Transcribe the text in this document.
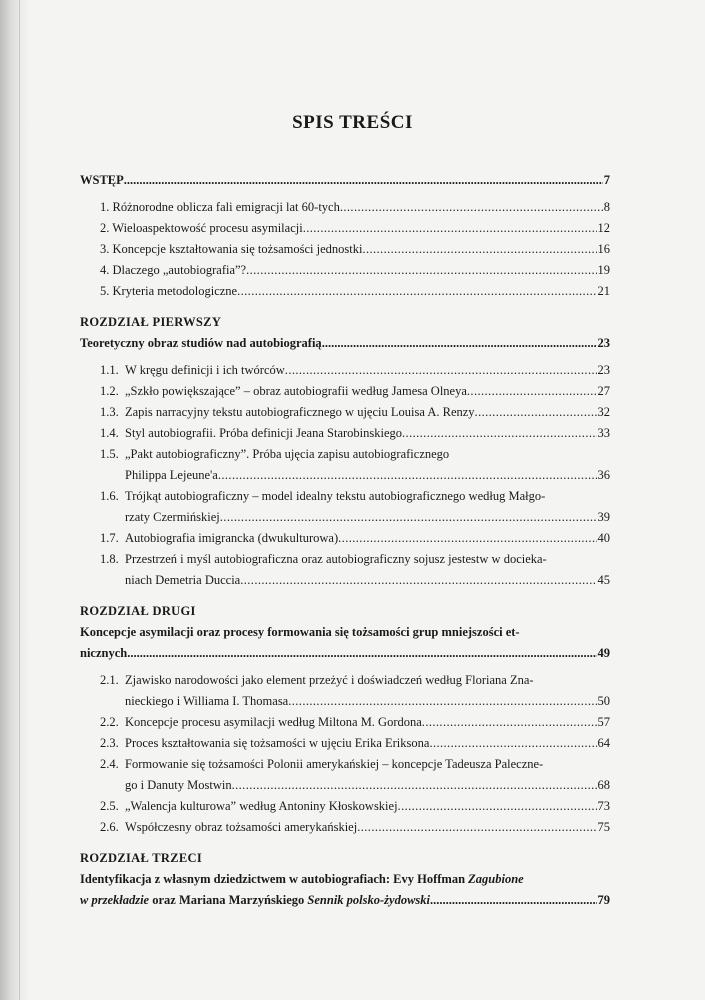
SPIS TREŚCI
WSTĘP .....	7
1. Różnorodne oblicza fali emigracji lat 60-tych .....	8
2. Wieloaspektowość procesu asymilacji .....	12
3. Koncepcje kształtowania się tożsamości jednostki .....	16
4. Dlaczego „autobiografia”? .....	19
5. Kryteria metodologiczne .....	21
ROZDZIAŁ PIERWSZY
Teoretyczny obraz studiów nad autobiografią .....	23
1.1. W kręgu definicji i ich twórców .....	23
1.2. „Szkło powiększające” – obraz autobiografii według Jamesa Olneya .....	27
1.3. Zapis narracyjny tekstu autobiograficznego w ujęciu Louisa A. Renzy .....	32
1.4. Styl autobiografii. Próba definicji Jeana Starobinskiego .....	33
1.5. „Pakt autobiograficzny”. Próba ujęcia zapisu autobiograficznego
Philippa Lejeune'a .....	36
1.6. Trójkąt autobiograficzny – model idealny tekstu autobiograficznego według Małgo-
rzaty Czermińskiej .....	39
1.7. Autobiografia imigrancka (dwukulturowa) .....	40
1.8. Przestrzeń i myśl autobiograficzna oraz autobiograficzny sojusz jestestw w docieka-
niach Demetria Duccia .....	45
ROZDZIAŁ DRUGI
Koncepcje asymilacji oraz procesy formowania się tożsamości grup mniejszości et-
nicznych .....	49
2.1. Zjawisko narodowości jako element przeżyć i doświadczeń według Floriana Zna-
nieckiego i Williama I. Thomasa .....	50
2.2. Koncepcje procesu asymilacji według Miltona M. Gordona .....	57
2.3. Proces kształtowania się tożsamości w ujęciu Erika Eriksona .....	64
2.4. Formowanie się tożsamości Polonii amerykańskiej – koncepcje Tadeusza Paleczne-
go i Danuty Mostwin .....	68
2.5. „Walencja kulturowa” według Antoniny Kłoskowskiej .....	73
2.6. Współczesny obraz tożsamości amerykańskiej .....	75
ROZDZIAŁ TRZECI
Identyfikacja z własnym dziedzictwem w autobiografiach: Evy Hoffman Zagubione
w przekładzie oraz Mariana Marzyńskiego Sennik polsko-żydowski .....	79
